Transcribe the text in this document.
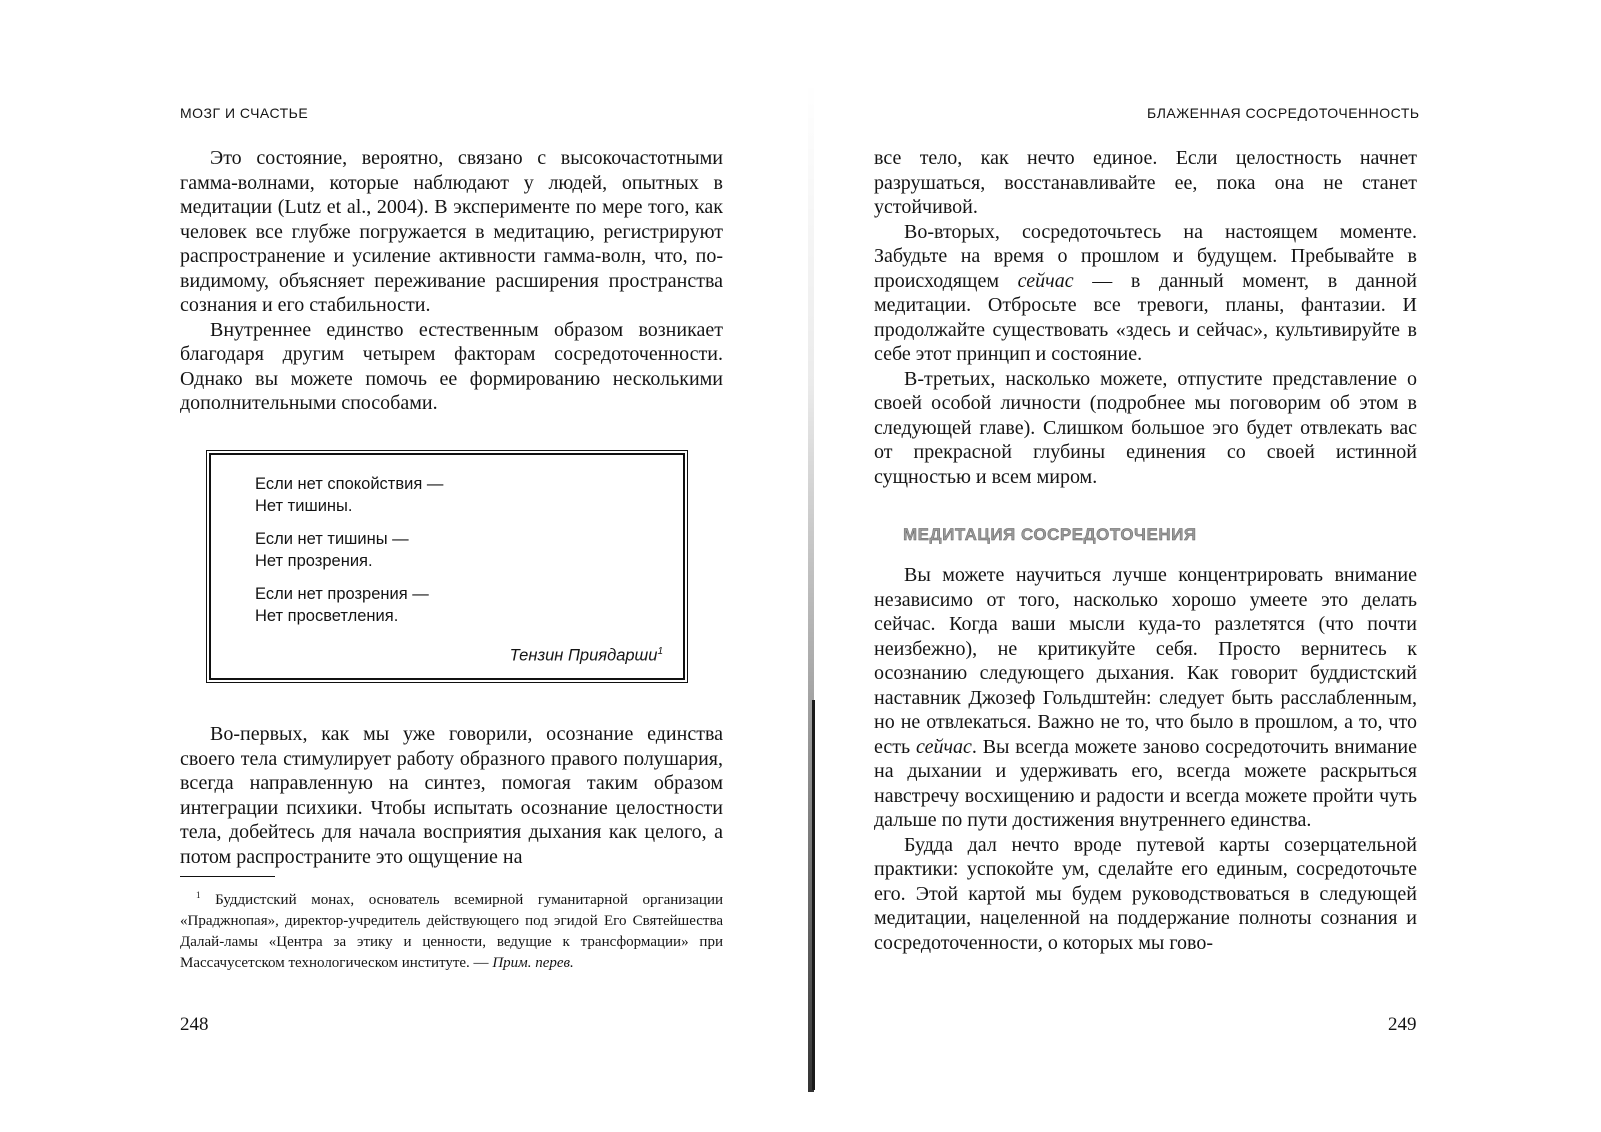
МОЗГ И СЧАСТЬЕ

Это состояние, вероятно, связано с высокочастотными гамма-волнами, которые наблюдают у людей, опытных в медитации (Lutz et al., 2004). В эксперименте по мере того, как человек все глубже погружается в медитацию, регистрируют распространение и усиление активности гамма-волн, что, по-видимому, объясняет переживание расширения пространства сознания и его стабильности.

Внутреннее единство естественным образом возникает благодаря другим четырем факторам сосредоточенности. Однако вы можете помочь ее формированию несколькими дополнительными способами.

Если нет спокойствия —
Нет тишины.
Если нет тишины —
Нет прозрения.
Если нет прозрения —
Нет просветления.
Тензин Приядарши$^1$

Во-первых, как мы уже говорили, осознание единства своего тела стимулирует работу образного правого полушария, всегда направленную на синтез, помогая таким образом интеграции психики. Чтобы испытать осознание целостности тела, добейтесь для начала восприятия дыхания как целого, а потом распространите это ощущение на

$^1$ Буддистский монах, основатель всемирной гуманитарной организации «Праджнопая», директор-учредитель действующего под эгидой Его Святейшества Далай-ламы «Центра за этику и ценности, ведущие к трансформации» при Массачусетском технологическом институте. — Прим. перев.
248
БЛАЖЕННАЯ СОСРЕДОТОЧЕННОСТЬ

все тело, как нечто единое. Если целостность начнет разрушаться, восстанавливайте ее, пока она не станет устойчивой.

Во-вторых, сосредоточьтесь на настоящем моменте. Забудьте на время о прошлом и будущем. Пребывайте в происходящем сейчас — в данный момент, в данной медитации. Отбросьте все тревоги, планы, фантазии. И продолжайте существовать «здесь и сейчас», культивируйте в себе этот принцип и состояние.

В-третьих, насколько можете, отпустите представление о своей особой личности (подробнее мы поговорим об этом в следующей главе). Слишком большое эго будет отвлекать вас от прекрасной глубины единения со своей истинной сущностью и всем миром.

МЕДИТАЦИЯ СОСРЕДОТОЧЕНИЯ

Вы можете научиться лучше концентрировать внимание независимо от того, насколько хорошо умеете это делать сейчас. Когда ваши мысли куда-то разлетятся (что почти неизбежно), не критикуйте себя. Просто вернитесь к осознанию следующего дыхания. Как говорит буддистский наставник Джозеф Гольдштейн: следует быть расслабленным, но не отвлекаться. Важно не то, что было в прошлом, а то, что есть сейчас. Вы всегда можете заново сосредоточить внимание на дыхании и удерживать его, всегда можете раскрыться навстречу восхищению и радости и всегда можете пройти чуть дальше по пути достижения внутреннего единства.

Будда дал нечто вроде путевой карты созерцательной практики: успокойте ум, сделайте его единым, сосредоточьте его. Этой картой мы будем руководствоваться в следующей медитации, нацеленной на поддержание полноты сознания и сосредоточенности, о которых мы гово-

249
